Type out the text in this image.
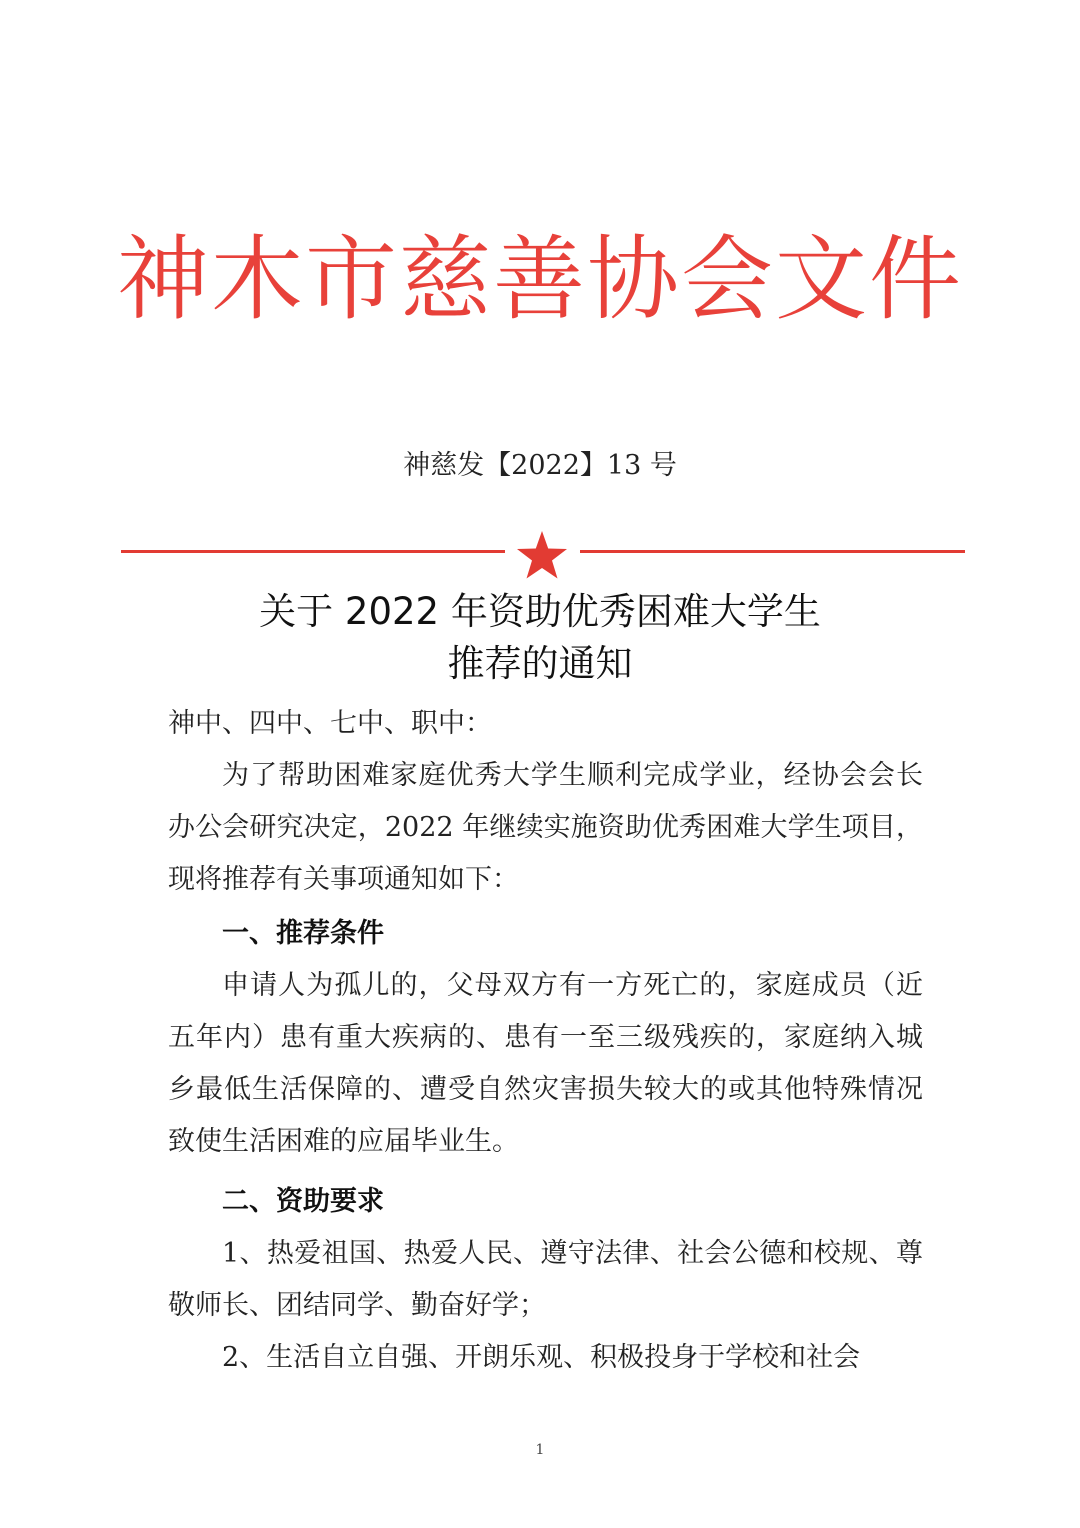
神木市慈善协会文件
神慈发【2022】13 号
关于 2022 年资助优秀困难大学生
推荐的通知

神中、四中、七中、职中：

为了帮助困难家庭优秀大学生顺利完成学业，经协会会长办公会研究决定，2022 年继续实施资助优秀困难大学生项目，现将推荐有关事项通知如下：

一、推荐条件

申请人为孤儿的，父母双方有一方死亡的，家庭成员（近五年内）患有重大疾病的、患有一至三级残疾的，家庭纳入城乡最低生活保障的、遭受自然灾害损失较大的或其他特殊情况致使生活困难的应届毕业生。

二、资助要求

1、热爱祖国、热爱人民、遵守法律、社会公德和校规、尊敬师长、团结同学、勤奋好学；

2、生活自立自强、开朗乐观、积极投身于学校和社会

1
